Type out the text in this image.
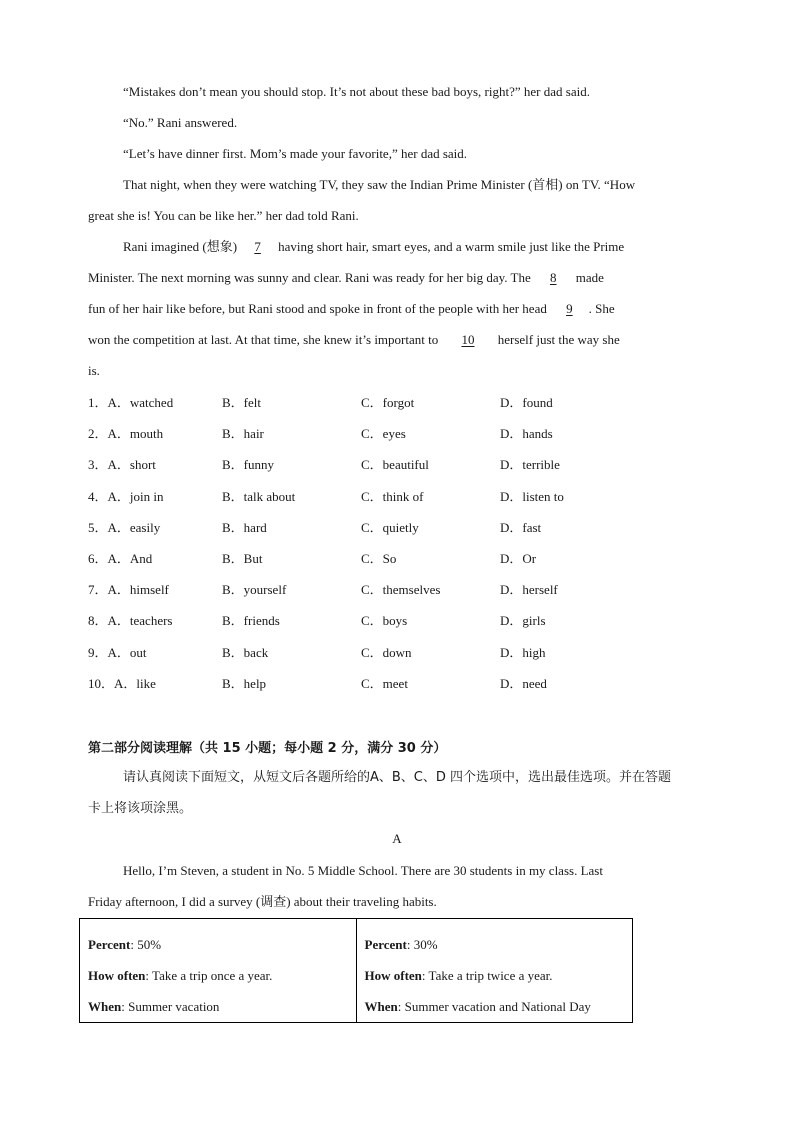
“Mistakes don’t mean you should stop. It’s not about these bad boys, right?” her dad said.
“No.” Rani answered.
“Let’s have dinner first. Mom’s made your favorite,” her dad said.
That night, when they were watching TV, they saw the Indian Prime Minister (首相) on TV. “How
great she is! You can be like her.” her dad told Rani.
Rani imagined (想象) 7 having short hair, smart eyes, and a warm smile just like the Prime
Minister. The next morning was sunny and clear. Rani was ready for her big day. The 8 made
fun of her hair like before, but Rani stood and spoke in front of the people with her head 9 . She
won the competition at last. At that time, she knew it’s important to 10 herself just the way she
is.
1．A．watched	B．felt	C．forgot	D．found
2．A．mouth	B．hair	C．eyes	D．hands
3．A．short	B．funny	C．beautiful	D．terrible
4．A．join in	B．talk about	C．think of	D．listen to
5．A．easily	B．hard	C．quietly	D．fast
6．A．And	B．But	C．So	D．Or
7．A．himself	B．yourself	C．themselves	D．herself
8．A．teachers	B．friends	C．boys	D．girls
9．A．out	B．back	C．down	D．high
10．A．like	B．help	C．meet	D．need
第二部分阅读理解（共 15 小题；每小题 2 分，满分 30 分）
请认真阅读下面短文，从短文后各题所给的A、B、C、D 四个选项中，选出最佳选项。并在答题
卡上将该项涂黑。
A
Hello, I’m Steven, a student in No. 5 Middle School. There are 30 students in my class. Last
Friday afternoon, I did a survey (调查) about their traveling habits.
Percent: 50%
How often: Take a trip once a year.
When: Summer vacation

Percent: 30%
How often: Take a trip twice a year.
When: Summer vacation and National Day
